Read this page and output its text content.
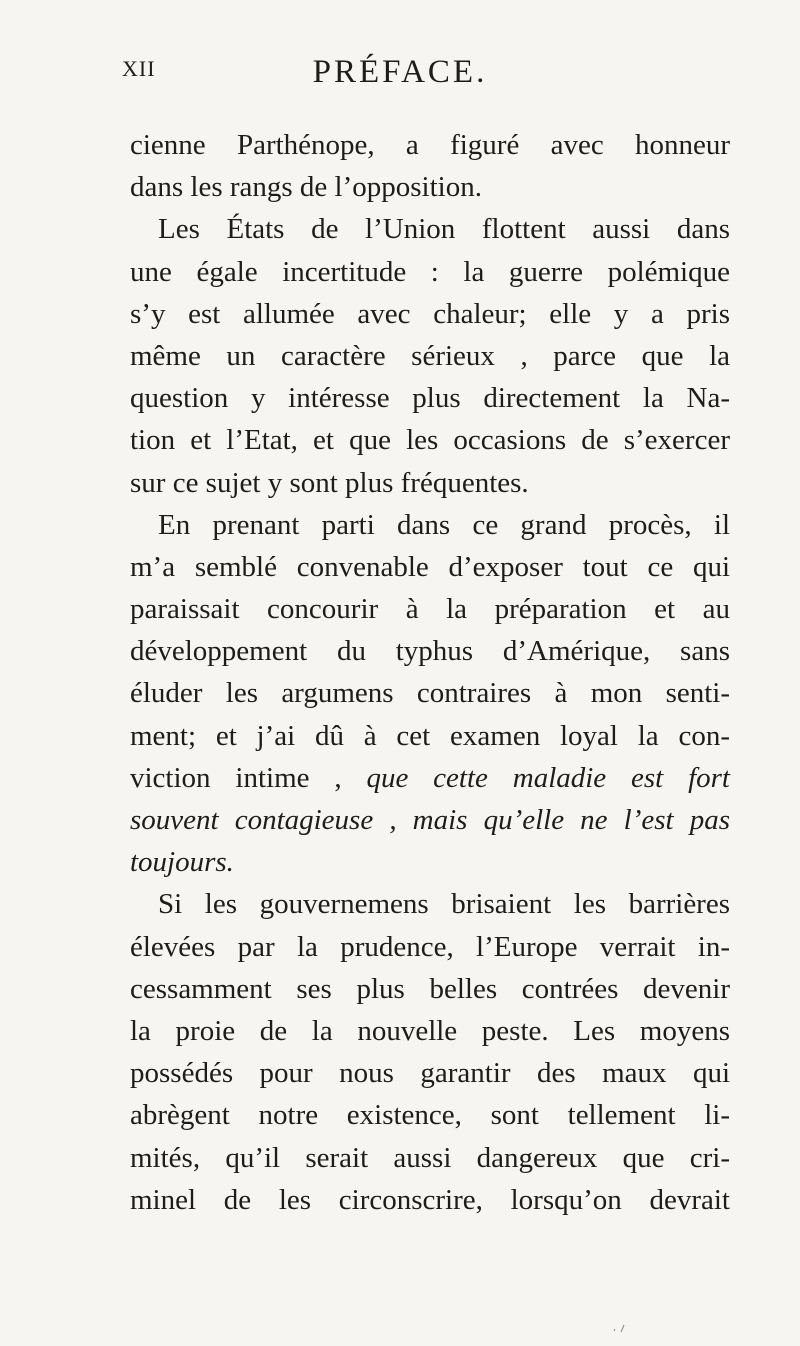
XII	PRÉFACE.
cienne Parthénope, a figuré avec honneur
dans les rangs de l’opposition.
Les États de l’Union flottent aussi dans
une égale incertitude : la guerre polémique
s’y est allumée avec chaleur; elle y a pris
même un caractère sérieux , parce que la
question y intéresse plus directement la Na-
tion et l’Etat, et que les occasions de s’exercer
sur ce sujet y sont plus fréquentes.
En prenant parti dans ce grand procès, il
m’a semblé convenable d’exposer tout ce qui
paraissait concourir à la préparation et au
développement du typhus d’Amérique, sans
éluder les argumens contraires à mon senti-
ment; et j’ai dû à cet examen loyal la con-
viction intime , que cette maladie est fort
souvent contagieuse , mais qu’elle ne l’est pas
toujours.
Si les gouvernemens brisaient les barrières
élevées par la prudence, l’Europe verrait in-
cessamment ses plus belles contrées devenir
la proie de la nouvelle peste. Les moyens
possédés pour nous garantir des maux qui
abrègent notre existence, sont tellement li-
mités, qu’il serait aussi dangereux que cri-
minel de les circonscrire, lorsqu’on devrait
